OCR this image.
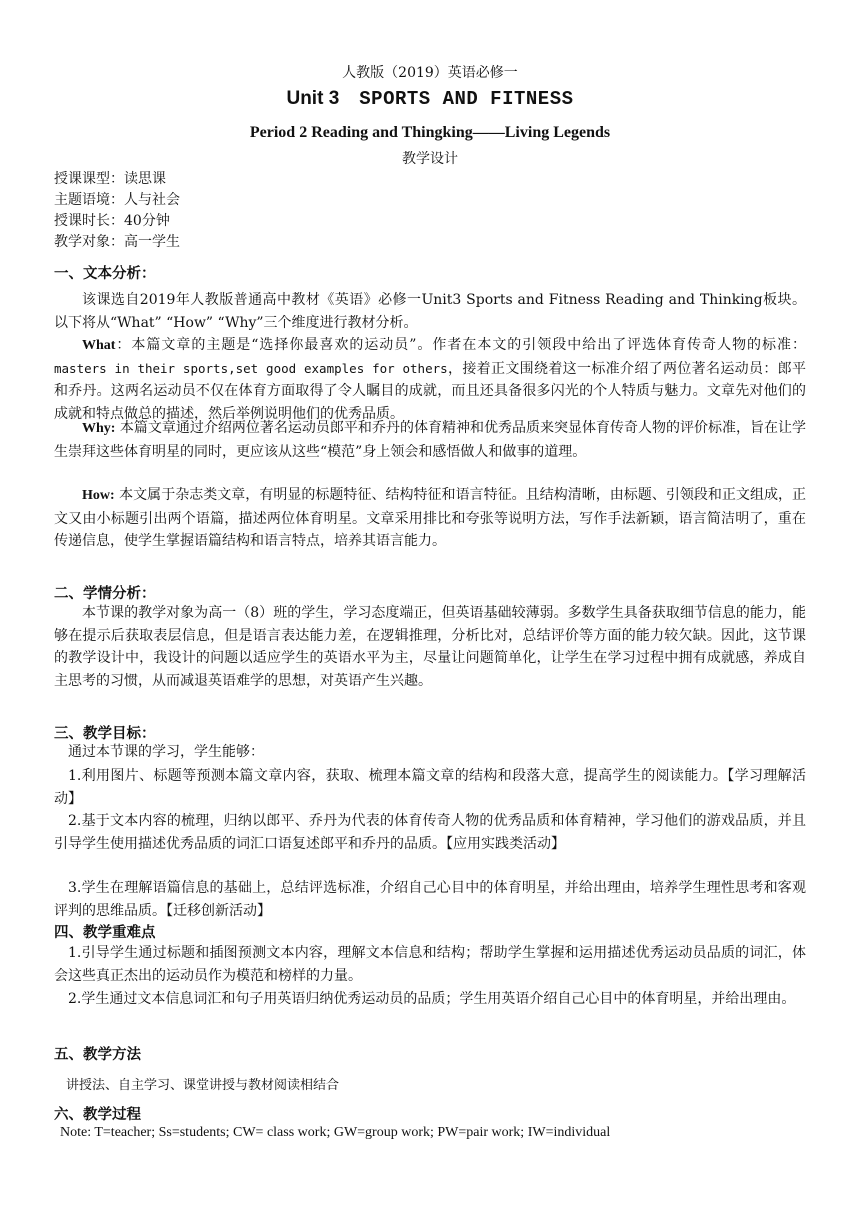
人教版（2019）英语必修一
Unit 3 SPORTS AND FITNESS
Period 2 Reading and Thingking——Living Legends
教学设计
授课课型：读思课
主题语境：人与社会
授课时长：40分钟
教学对象：高一学生
一、文本分析：
该课选自2019年人教版普通高中教材《英语》必修一Unit3 Sports and Fitness Reading and Thinking板块。以下将从“What” “How” “Why”三个维度进行教材分析。
What：本篇文章的主题是“选择你最喜欢的运动员”。作者在本文的引领段中给出了评选体育传奇人物的标准：masters in their sports,set good examples for others，接着正文围绕着这一标准介绍了两位著名运动员：郎平和乔丹。这两名运动员不仅在体育方面取得了令人瞩目的成就，而且还具备很多闪光的个人特质与魅力。文章先对他们的成就和特点做总的描述，然后举例说明他们的优秀品质。
Why: 本篇文章通过介绍两位著名运动员郎平和乔丹的体育精神和优秀品质来突显体育传奇人物的评价标准，旨在让学生崇拜这些体育明星的同时，更应该从这些“模范”身上领会和感悟做人和做事的道理。
How: 本文属于杂志类文章，有明显的标题特征、结构特征和语言特征。且结构清晰，由标题、引领段和正文组成，正文又由小标题引出两个语篇，描述两位体育明星。文章采用排比和夸张等说明方法，写作手法新颖，语言简洁明了，重在传递信息，使学生掌握语篇结构和语言特点，培养其语言能力。
二、学情分析：
本节课的教学对象为高一（8）班的学生，学习态度端正，但英语基础较薄弱。多数学生具备获取细节信息的能力，能够在提示后获取表层信息，但是语言表达能力差，在逻辑推理，分析比对，总结评价等方面的能力较欠缺。因此，这节课的教学设计中，我设计的问题以适应学生的英语水平为主，尽量让问题简单化，让学生在学习过程中拥有成就感，养成自主思考的习惯，从而减退英语难学的思想，对英语产生兴趣。
三、教学目标：
通过本节课的学习，学生能够：
1.利用图片、标题等预测本篇文章内容，获取、梳理本篇文章的结构和段落大意，提高学生的阅读能力。【学习理解活动】
2.基于文本内容的梳理，归纳以郎平、乔丹为代表的体育传奇人物的优秀品质和体育精神，学习他们的游戏品质，并且引导学生使用描述优秀品质的词汇口语复述郎平和乔丹的品质。【应用实践类活动】
3.学生在理解语篇信息的基础上，总结评选标准，介绍自己心目中的体育明星，并给出理由，培养学生理性思考和客观评判的思维品质。【迁移创新活动】
四、教学重难点
1.引导学生通过标题和插图预测文本内容，理解文本信息和结构；帮助学生掌握和运用描述优秀运动员品质的词汇，体会这些真正杰出的运动员作为模范和榜样的力量。
2.学生通过文本信息词汇和句子用英语归纳优秀运动员的品质；学生用英语介绍自己心目中的体育明星，并给出理由。
五、教学方法
讲授法、自主学习、课堂讲授与教材阅读相结合
六、教学过程
Note: T=teacher; Ss=students; CW= class work; GW=group work; PW=pair work; IW=individual
